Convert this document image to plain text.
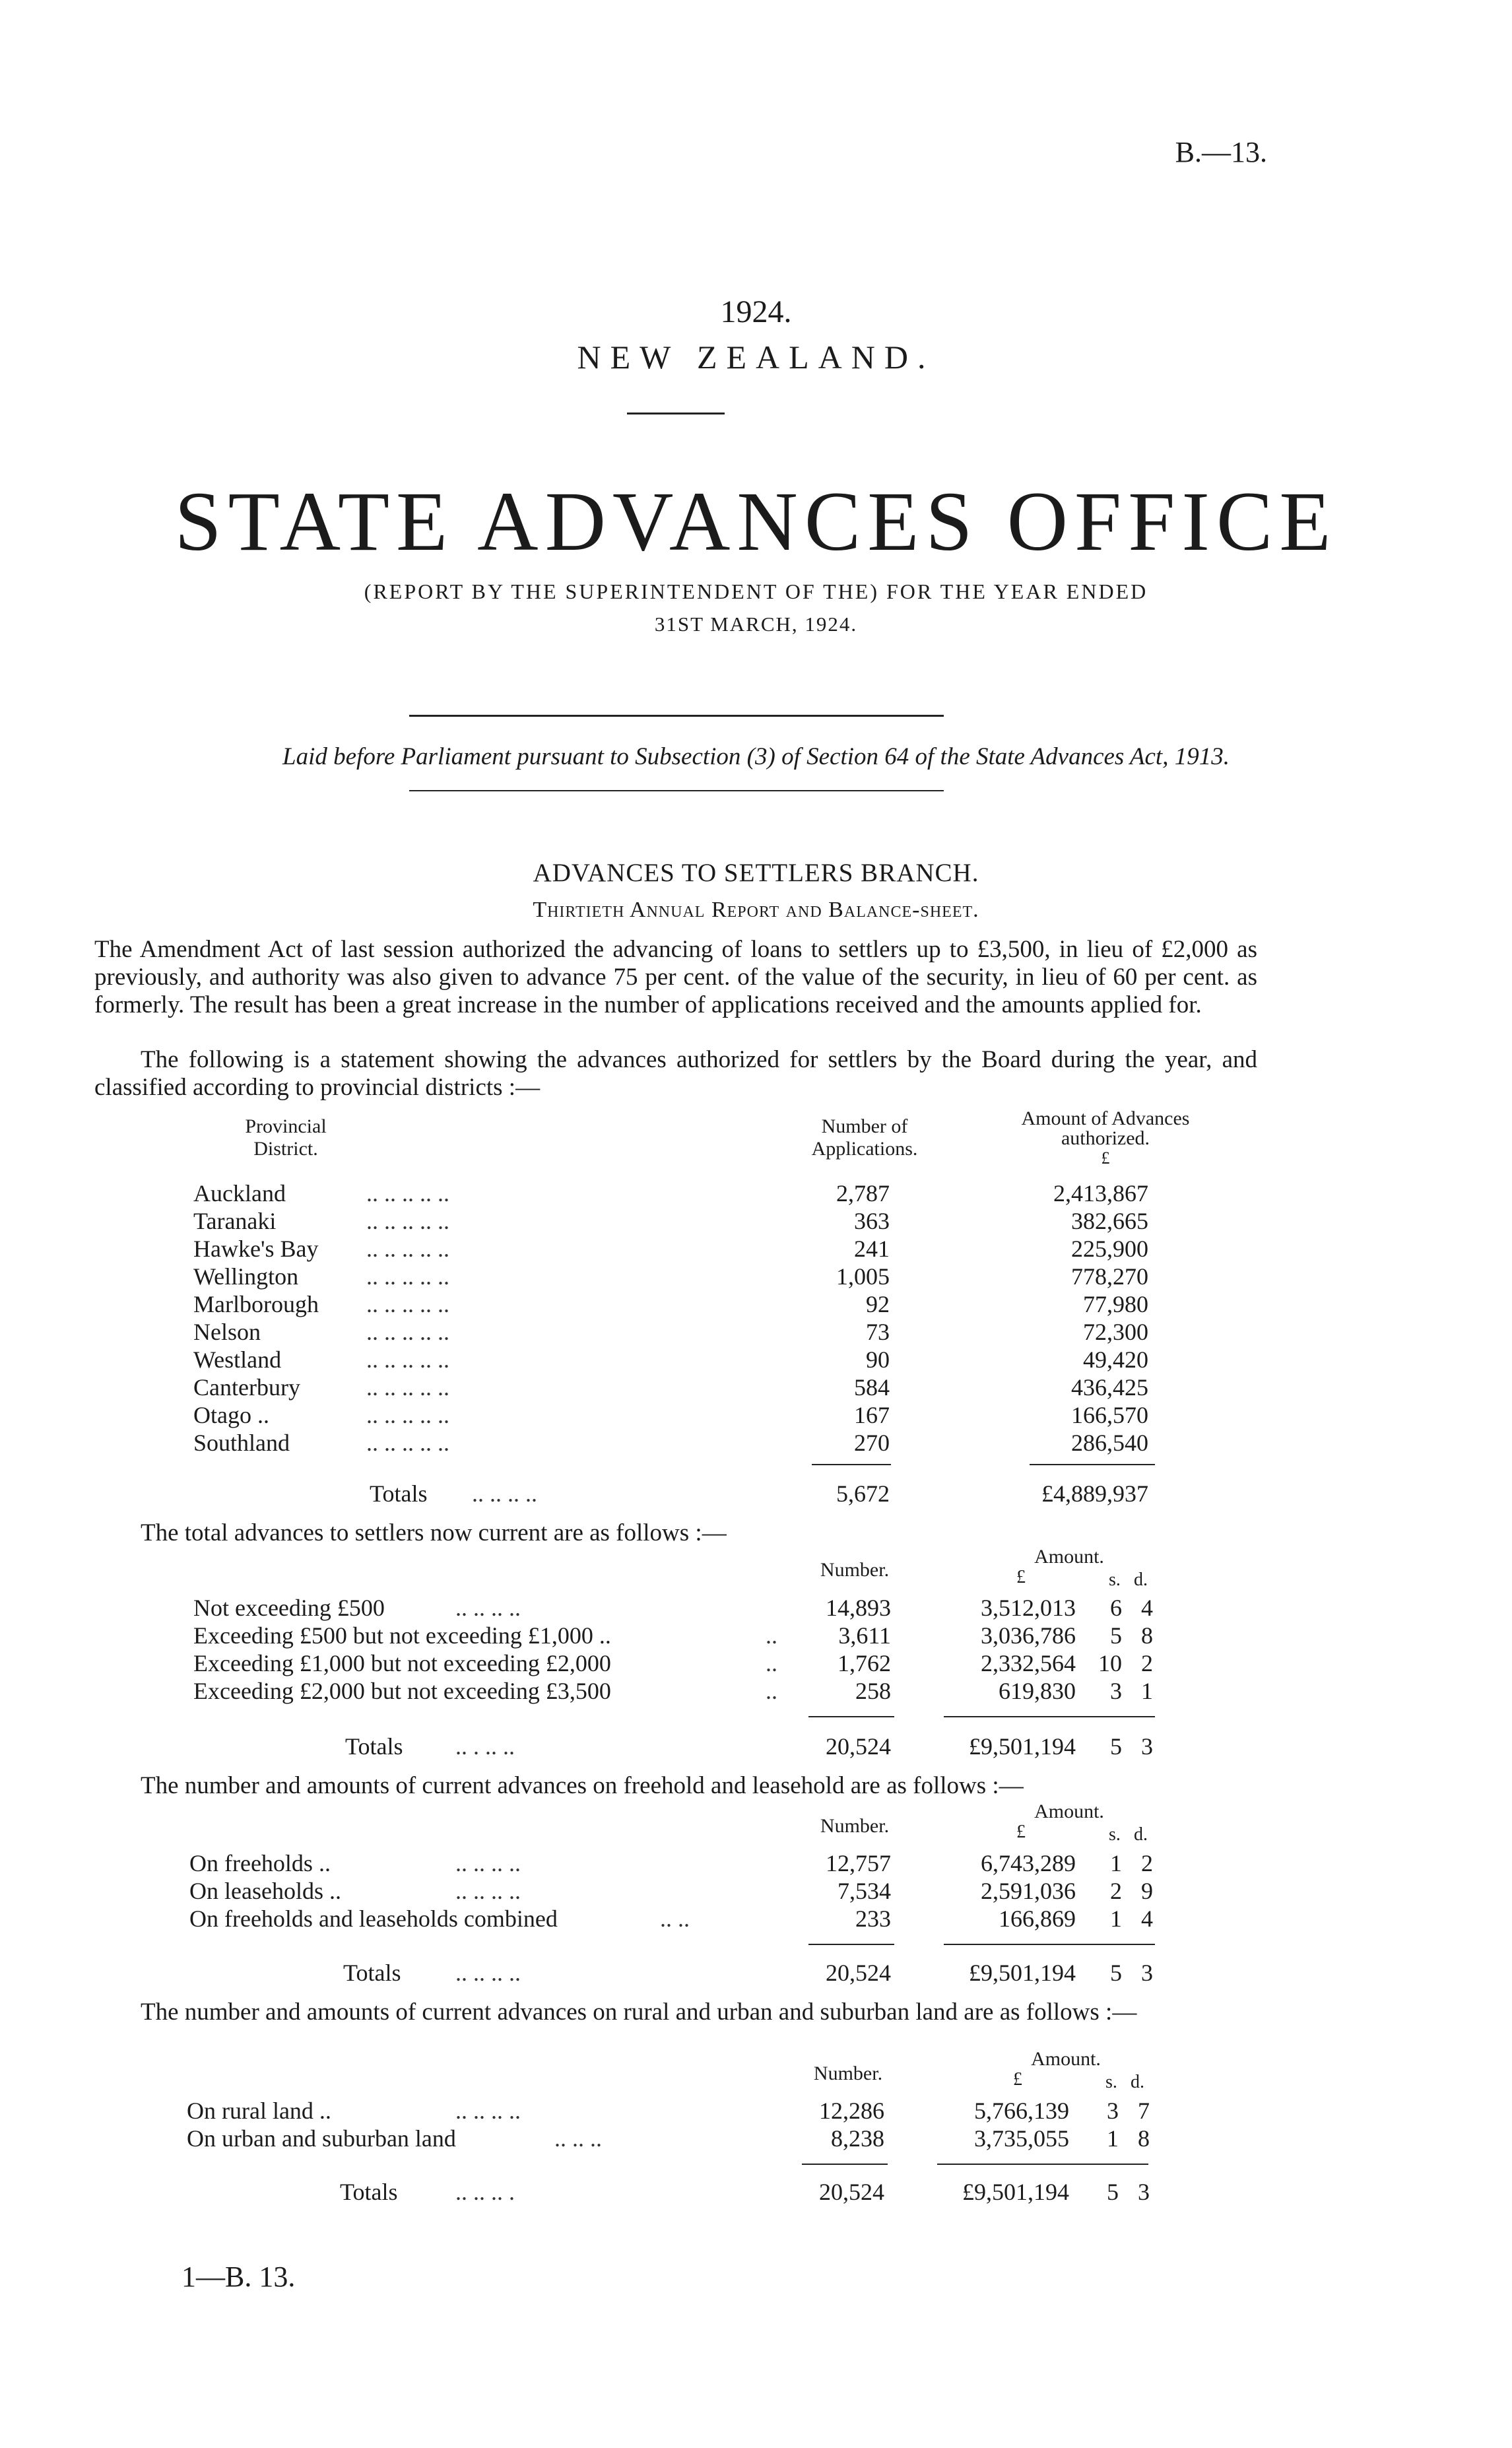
B.—13.
1924.
NEW ZEALAND.
STATE ADVANCES OFFICE
(REPORT BY THE SUPERINTENDENT OF THE) FOR THE YEAR ENDED
31ST MARCH, 1924.
Laid before Parliament pursuant to Subsection (3) of Section 64 of the State Advances Act, 1913.
ADVANCES TO SETTLERS BRANCH.
Thirtieth Annual Report and Balance-sheet.
The Amendment Act of last session authorized the advancing of loans to settlers up to £3,500, in lieu of £2,000 as previously, and authority was also given to advance 75 per cent. of the value of the security, in lieu of 60 per cent. as formerly. The result has been a great increase in the number of applications received and the amounts applied for.
The following is a statement showing the advances authorized for settlers by the Board during the year, and classified according to provincial districts :—
Provincial
District.
Number of
Applications.
Amount of Advances
authorized.
£
Auckland	.. .. .. .. ..	2,787	2,413,867
Taranaki	.. .. .. .. ..	363	382,665
Hawke's Bay .. .. .. .. ..	241	225,900
Wellington	.. .. .. .. ..	1,005	778,270
Marlborough .. .. .. .. ..	92	77,980
Nelson	.. .. .. .. ..	73	72,300
Westland	.. .. .. .. ..	90	49,420
Canterbury	.. .. .. .. ..	584	436,425
Otago ..	.. .. .. .. ..	167	166,570
Southland	.. .. .. .. ..	270	286,540
Totals .. .. .. ..	5,672	£4,889,937
The total advances to settlers now current are as follows :—
Number.
Amount.
£	s. d.
Not exceeding £500	.. .. .. ..	14,893	3,512,013	6 4
Exceeding £500 but not exceeding £1,000 ..	..	3,611	3,036,786	5 8
Exceeding £1,000 but not exceeding £2,000	..	1,762	2,332,564 10 2
Exceeding £2,000 but not exceeding £3,500	..	258	619,830	3 1
Totals .. . .. ..	20,524	£9,501,194	5 3
The number and amounts of current advances on freehold and leasehold are as follows :—
Number.
Amount.
£	s. d.
On freeholds ..	.. .. .. ..	12,757	6,743,289	1 2
On leaseholds ..	.. .. .. ..	7,534	2,591,036	2 9
On freeholds and leaseholds combined	.. ..	233	166,869	1 4
Totals .. .. .. ..	20,524	£9,501,194	5 3
The number and amounts of current advances on rural and urban and suburban land are as follows :—
Number.
Amount.
£	s. d.
On rural land ..	.. .. .. ..	12,286	5,766,139	3 7
On urban and suburban land	.. .. ..	8,238	3,735,055	1 8
Totals .. .. .. .	20,524	£9,501,194	5 3
1—B. 13.
